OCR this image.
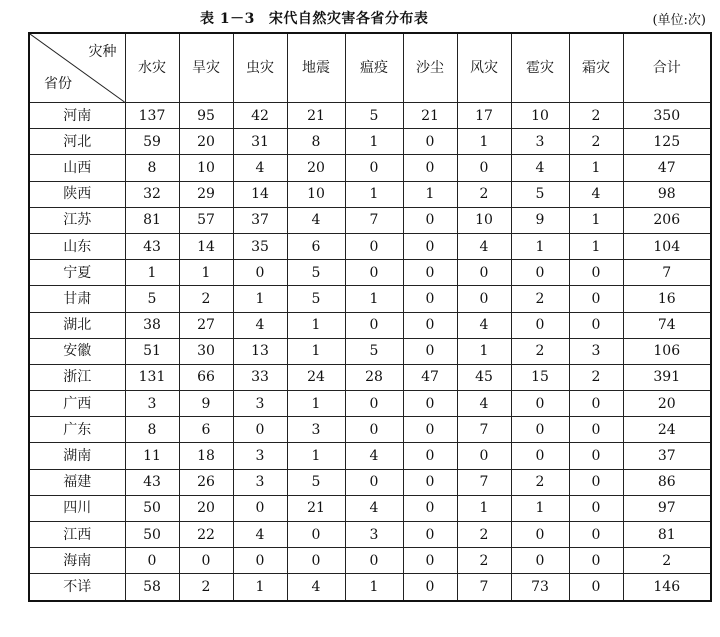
表 1－3 宋代自然灾害各省分布表	(单位:次)
灾种
省份	水灾	旱灾	虫灾	地震	瘟疫	沙尘	风灾	雹灾	霜灾	合计
河南	137	95	42	21	5	21	17	10	2	350
河北	59	20	31	8	1	0	1	3	2	125
山西	8	10	4	20	0	0	0	4	1	47
陕西	32	29	14	10	1	1	2	5	4	98
江苏	81	57	37	4	7	0	10	9	1	206
山东	43	14	35	6	0	0	4	1	1	104
宁夏	1	1	0	5	0	0	0	0	0	7
甘肃	5	2	1	5	1	0	0	2	0	16
湖北	38	27	4	1	0	0	4	0	0	74
安徽	51	30	13	1	5	0	1	2	3	106
浙江	131	66	33	24	28	47	45	15	2	391
广西	3	9	3	1	0	0	4	0	0	20
广东	8	6	0	3	0	0	7	0	0	24
湖南	11	18	3	1	4	0	0	0	0	37
福建	43	26	3	5	0	0	7	2	0	86
四川	50	20	0	21	4	0	1	1	0	97
江西	50	22	4	0	3	0	2	0	0	81
海南	0	0	0	0	0	0	2	0	0	2
不详	58	2	1	4	1	0	7	73	0	146
